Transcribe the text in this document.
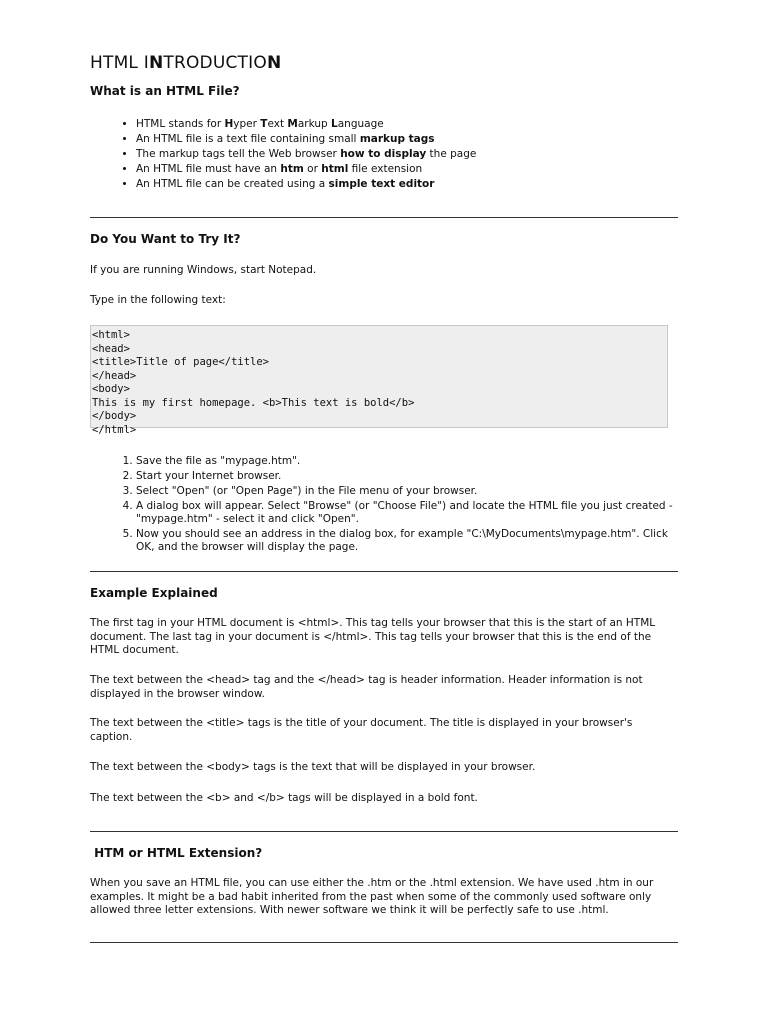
HTML INTRODUCTION
What is an HTML File?
• HTML stands for Hyper Text Markup Language
• An HTML file is a text file containing small markup tags
• The markup tags tell the Web browser how to display the page
• An HTML file must have an htm or html file extension
• An HTML file can be created using a simple text editor
Do You Want to Try It?

If you are running Windows, start Notepad.

Type in the following text:

<html>
<head>
<title>Title of page</title>
</head>
<body>
This is my first homepage. <b>This text is bold</b>
</body>
</html>
1. Save the file as "mypage.htm".
2. Start your Internet browser.
3. Select "Open" (or "Open Page") in the File menu of your browser.
4. A dialog box will appear. Select "Browse" (or "Choose File") and locate the HTML file you just created - "mypage.htm" - select it and click "Open".
5. Now you should see an address in the dialog box, for example "C:\MyDocuments\mypage.htm". Click OK, and the browser will display the page.
Example Explained

The first tag in your HTML document is <html>. This tag tells your browser that this is the start of an HTML document. The last tag in your document is </html>. This tag tells your browser that this is the end of the HTML document.

The text between the <head> tag and the </head> tag is header information. Header information is not displayed in the browser window.

The text between the <title> tags is the title of your document. The title is displayed in your browser's caption.

The text between the <body> tags is the text that will be displayed in your browser.

The text between the <b> and </b> tags will be displayed in a bold font.

HTM or HTML Extension?

When you save an HTML file, you can use either the .htm or the .html extension. We have used .htm in our examples. It might be a bad habit inherited from the past when some of the commonly used software only allowed three letter extensions. With newer software we think it will be perfectly safe to use .html.
